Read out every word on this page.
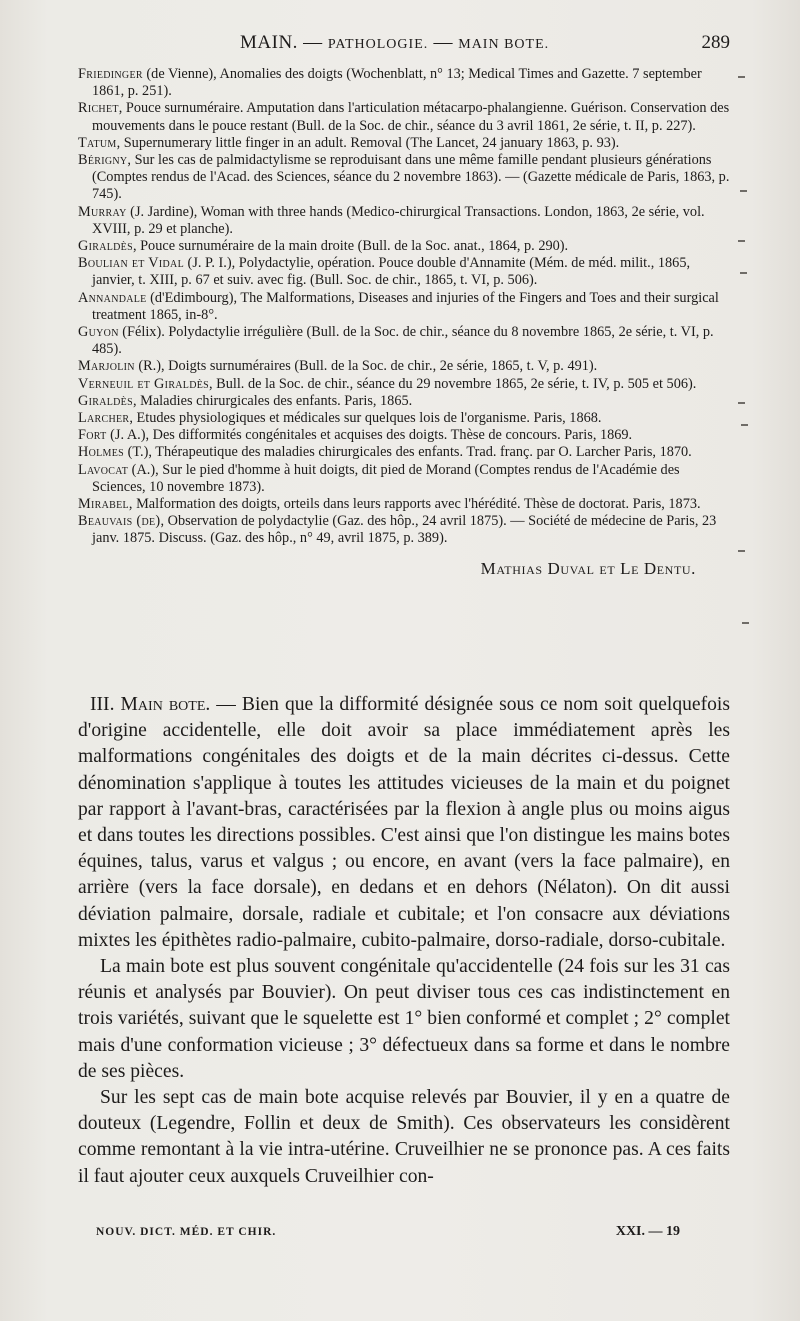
MAIN. — PATHOLOGIE. — MAIN BOTE.	289

Friedinger (de Vienne), Anomalies des doigts (Wochenblatt, n° 13; Medical Times and Gazette. 7 september 1861, p. 251).

Richet, Pouce surnuméraire. Amputation dans l'articulation métacarpo-phalangienne. Guérison. Conservation des mouvements dans le pouce restant (Bull. de la Soc. de chir., séance du 3 avril 1861, 2e série, t. II, p. 227).

Tatum, Supernumerary little finger in an adult. Removal (The Lancet, 24 january 1863, p. 93).

Bérigny, Sur les cas de palmidactylisme se reproduisant dans une même famille pendant plusieurs générations (Comptes rendus de l'Acad. des Sciences, séance du 2 novembre 1863). — (Gazette médicale de Paris, 1863, p. 745).

Murray (J. Jardine), Woman with three hands (Medico-chirurgical Transactions. London, 1863, 2e série, vol. XVIII, p. 29 et planche).

Giraldès, Pouce surnuméraire de la main droite (Bull. de la Soc. anat., 1864, p. 290).

Boulian et Vidal (J. P. I.), Polydactylie, opération. Pouce double d'Annamite (Mém. de méd. milit., 1865, janvier, t. XIII, p. 67 et suiv. avec fig. (Bull. Soc. de chir., 1865, t. VI, p. 506).

Annandale (d'Edimbourg), The Malformations, Diseases and injuries of the Fingers and Toes and their surgical treatment 1865, in-8°.

Guyon (Félix). Polydactylie irrégulière (Bull. de la Soc. de chir., séance du 8 novembre 1865, 2e série, t. VI, p. 485).

Marjolin (R.), Doigts surnuméraires (Bull. de la Soc. de chir., 2e série, 1865, t. V, p. 491).

Verneuil et Giraldès, Bull. de la Soc. de chir., séance du 29 novembre 1865, 2e série, t. IV, p. 505 et 506).

Giraldès, Maladies chirurgicales des enfants. Paris, 1865.

Larcher, Etudes physiologiques et médicales sur quelques lois de l'organisme. Paris, 1868.

Fort (J. A.), Des difformités congénitales et acquises des doigts. Thèse de concours. Paris, 1869.

Holmes (T.), Thérapeutique des maladies chirurgicales des enfants. Trad. franç. par O. Larcher Paris, 1870.

Lavocat (A.), Sur le pied d'homme à huit doigts, dit pied de Morand (Comptes rendus de l'Académie des Sciences, 10 novembre 1873).

Mirabel, Malformation des doigts, orteils dans leurs rapports avec l'hérédité. Thèse de doctorat. Paris, 1873.

Beauvais (de), Observation de polydactylie (Gaz. des hôp., 24 avril 1875). — Société de médecine de Paris, 23 janv. 1875. Discuss. (Gaz. des hôp., n° 49, avril 1875, p. 389).

Mathias Duval et Le Dentu.

III. Main bote. — Bien que la difformité désignée sous ce nom soit quelquefois d'origine accidentelle, elle doit avoir sa place immédiatement après les malformations congénitales des doigts et de la main décrites ci-dessus. Cette dénomination s'applique à toutes les attitudes vicieuses de la main et du poignet par rapport à l'avant-bras, caractérisées par la flexion à angle plus ou moins aigus et dans toutes les directions possibles. C'est ainsi que l'on distingue les mains botes équines, talus, varus et valgus ; ou encore, en avant (vers la face palmaire), en arrière (vers la face dorsale), en dedans et en dehors (Nélaton). On dit aussi déviation palmaire, dorsale, radiale et cubitale; et l'on consacre aux déviations mixtes les épithètes radio-palmaire, cubito-palmaire, dorso-radiale, dorso-cubitale.

La main bote est plus souvent congénitale qu'accidentelle (24 fois sur les 31 cas réunis et analysés par Bouvier). On peut diviser tous ces cas indistinctement en trois variétés, suivant que le squelette est 1° bien conformé et complet ; 2° complet mais d'une conformation vicieuse ; 3° défectueux dans sa forme et dans le nombre de ses pièces.

Sur les sept cas de main bote acquise relevés par Bouvier, il y en a quatre de douteux (Legendre, Follin et deux de Smith). Ces observateurs les considèrent comme remontant à la vie intra-utérine. Cruveilhier ne se prononce pas. A ces faits il faut ajouter ceux auxquels Cruveilhier con-

NOUV. DICT. MÉD. ET CHIR.	XXI. — 19
